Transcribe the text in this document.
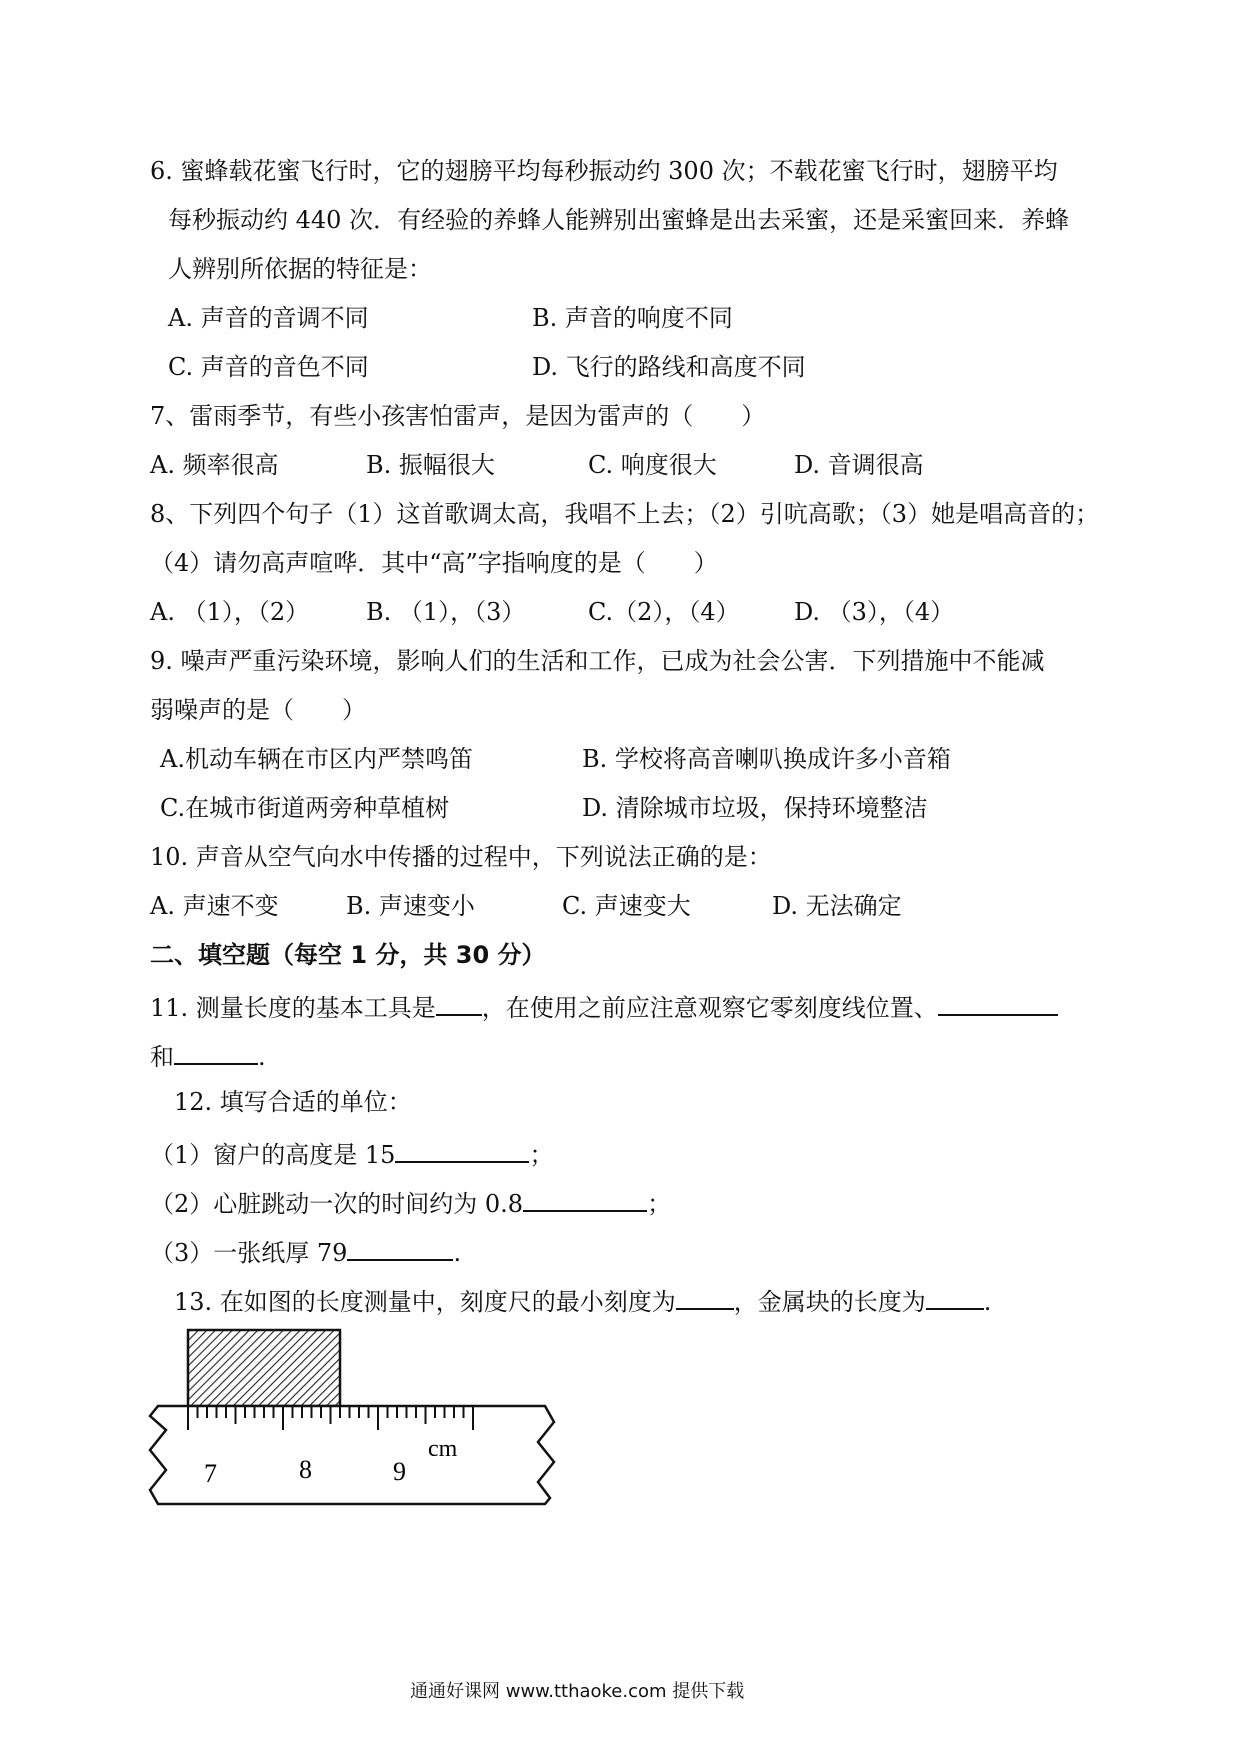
6. 蜜蜂载花蜜飞行时，它的翅膀平均每秒振动约 300 次；不载花蜜飞行时，翅膀平均
每秒振动约 440 次．有经验的养蜂人能辨别出蜜蜂是出去采蜜，还是采蜜回来．养蜂
人辨别所依据的特征是：
A. 声音的音调不同	B. 声音的响度不同
C. 声音的音色不同	D. 飞行的路线和高度不同
7、雷雨季节，有些小孩害怕雷声，是因为雷声的（　　）
A. 频率很高	B. 振幅很大	C. 响度很大	D. 音调很高
8、下列四个句子（1）这首歌调太高，我唱不上去；（2）引吭高歌；（3）她是唱高音的；
（4）请勿高声喧哗．其中“高”字指响度的是（　　）
A. （1），（2） B. （1），（3）	C.（2），（4） D. （3），（4）
9. 噪声严重污染环境，影响人们的生活和工作，已成为社会公害．下列措施中不能减
弱噪声的是（　　）
A.机动车辆在市区内严禁鸣笛	B. 学校将高音喇叭换成许多小音箱
C.在城市街道两旁种草植树	D. 清除城市垃圾，保持环境整洁
10. 声音从空气向水中传播的过程中，下列说法正确的是：
A. 声速不变	B. 声速变小	C. 声速变大	D. 无法确定
二、填空题（每空 1 分，共 30 分）
11. 测量长度的基本工具是 ，在使用之前应注意观察它零刻度线位置、
和	.
12. 填写合适的单位：
（1）窗户的高度是 15	；
（2）心脏跳动一次的时间约为 0.8	；
（3）一张纸厚 79	.
13. 在如图的长度测量中，刻度尺的最小刻度为 ，金属块的长度为 .
7	8	9
cm
通通好课网 www.tthaoke.com 提供下载
